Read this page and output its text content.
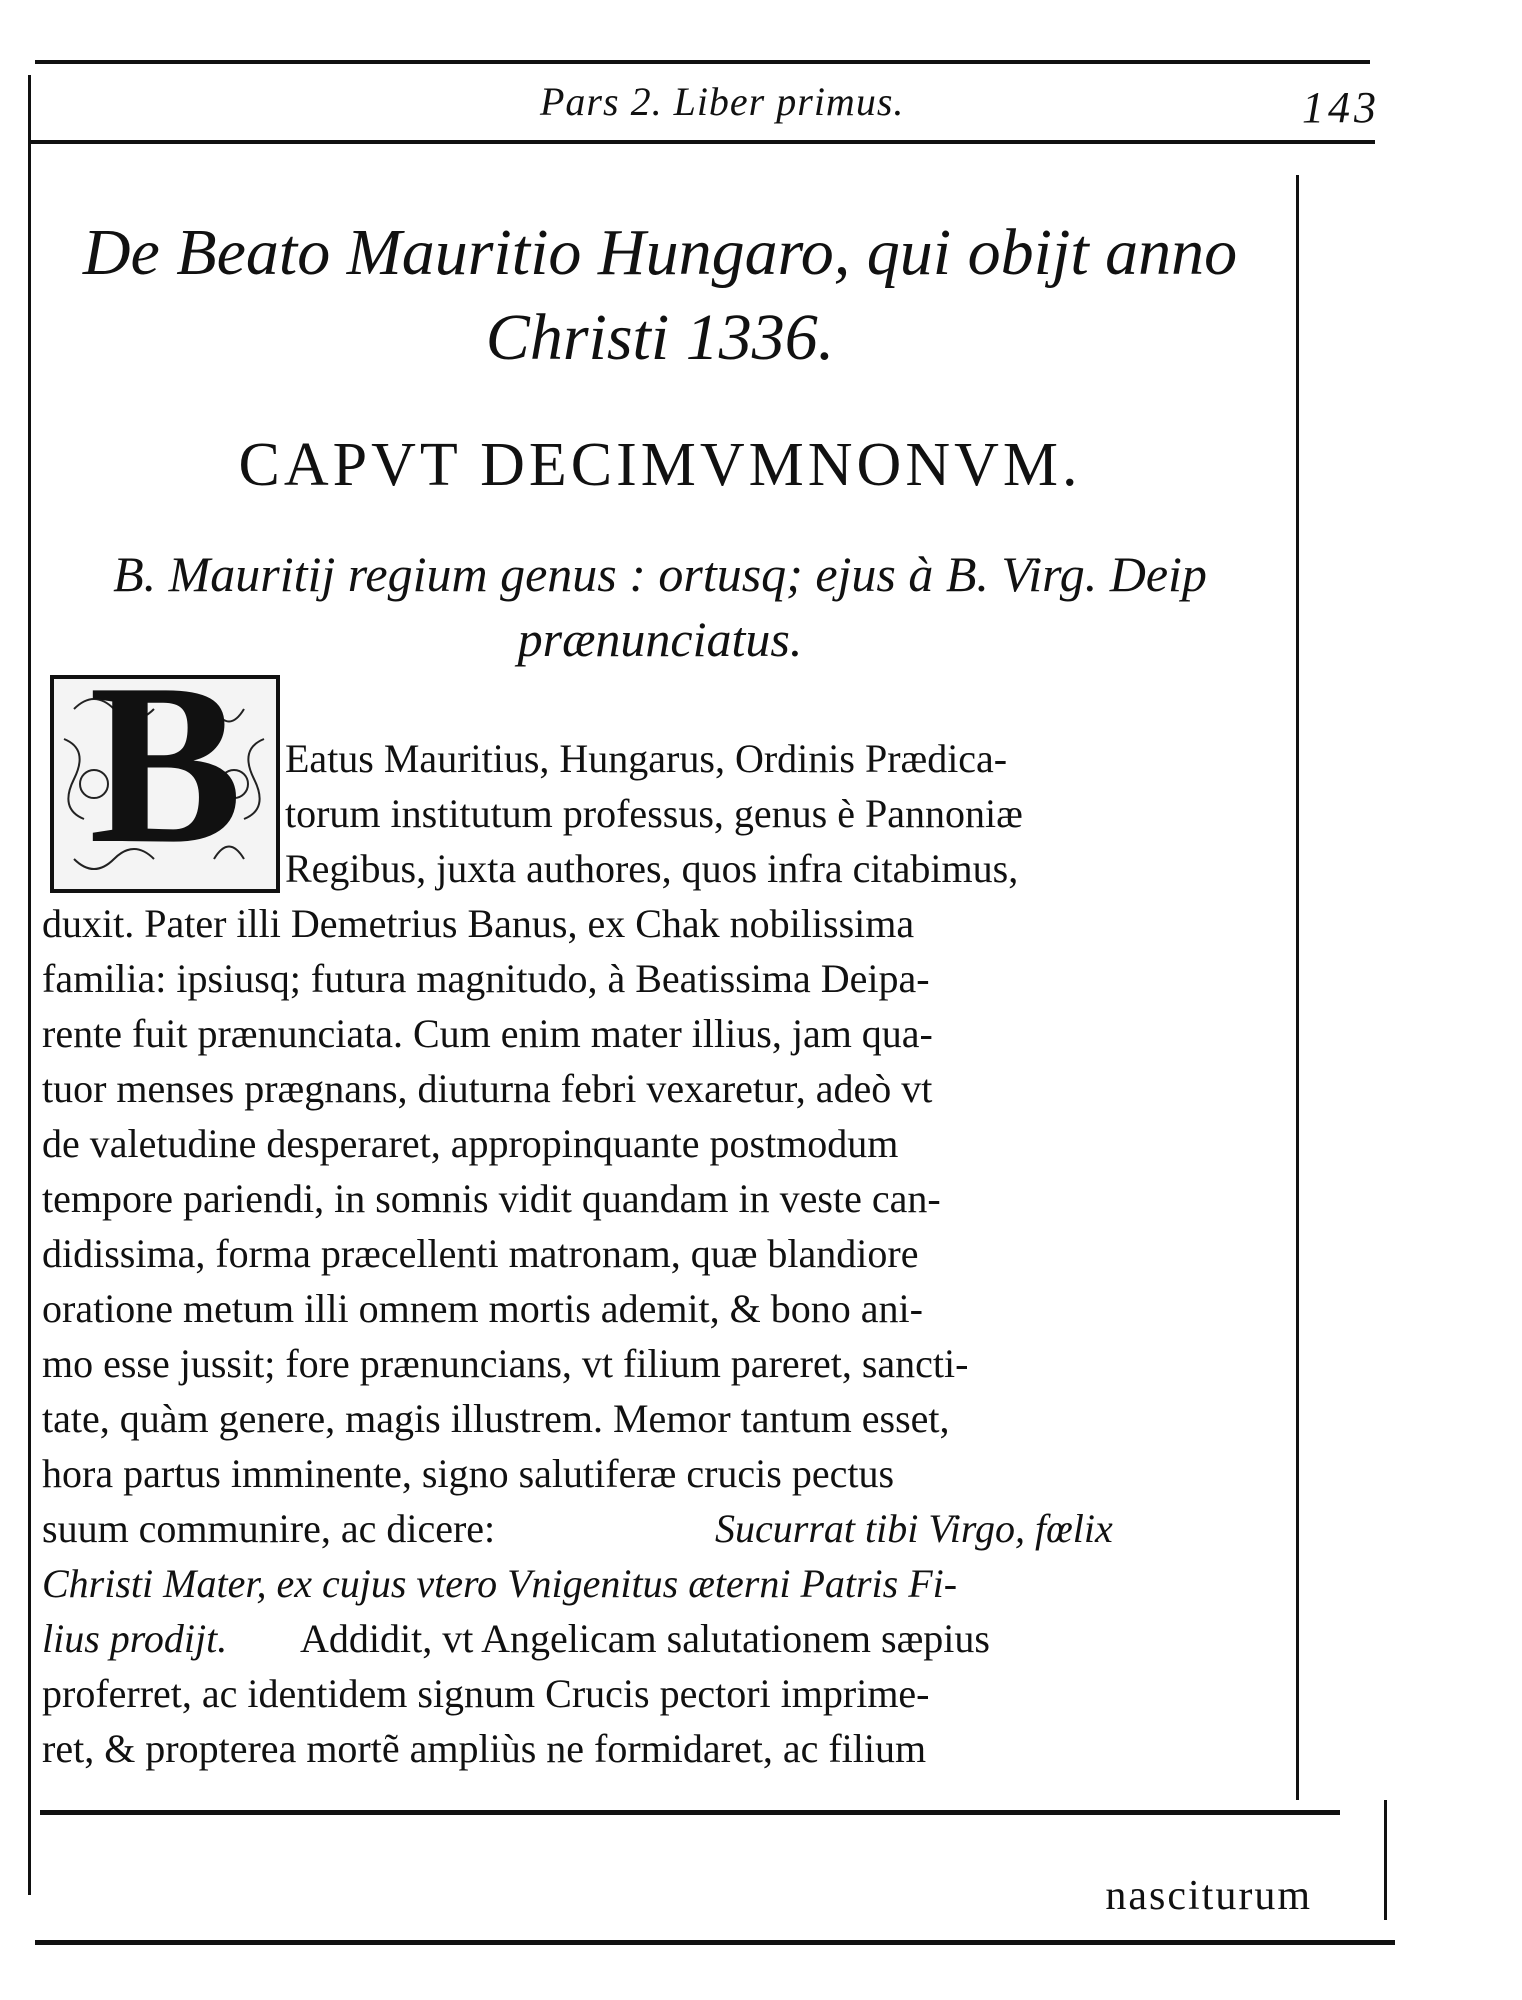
Pars 2. Liber primus.	143
De Beato Mauritio Hungaro, qui obijt anno
Christi 1336.
CAPVT DECIMVMNONVM.
B. Mauritij regium genus : ortusq; ejus à B. Virg. Deip
prænunciatus.
B Eatus Mauritius, Hungarus, Ordinis Prædica-
torum institutum professus, genus è Pannoniæ
Regibus, juxta authores, quos infra citabimus,
duxit. Pater illi Demetrius Banus, ex Chak nobilissima
familia: ipsiusq; futura magnitudo, à Beatissima Deipa-
rente fuit prænunciata. Cum enim mater illius, jam qua-
tuor menses prægnans, diuturna febri vexaretur, adeò vt
de valetudine desperaret, appropinquante postmodum
tempore pariendi, in somnis vidit quandam in veste can-
didissima, forma præcellenti matronam, quæ blandiore
oratione metum illi omnem mortis ademit, & bono ani-
mo esse jussit; fore prænuncians, vt filium pareret, sancti-
tate, quàm genere, magis illustrem. Memor tantum esset,
hora partus imminente, signo salutiferæ crucis pectus
suum communire, ac dicere:	Sucurrat tibi Virgo, fœlix
Christi Mater, ex cujus vtero Vnigenitus æterni Patris Fi-
lius prodijt. Addidit, vt Angelicam salutationem sæpius
proferret, ac identidem signum Crucis pectori imprime-
ret, & propterea mortẽ ampliùs ne formidaret, ac filium
nasciturum
